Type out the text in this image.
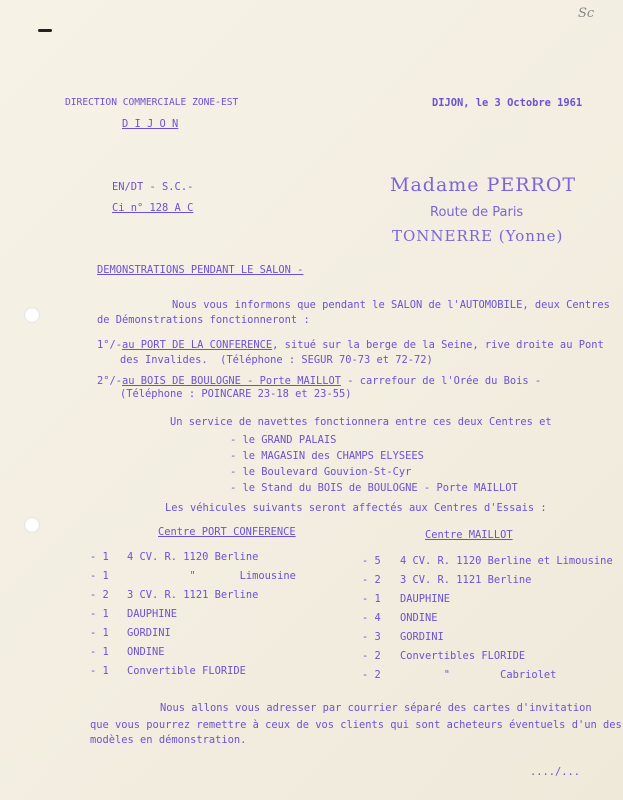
Sc
DIRECTION COMMERCIALE ZONE-EST
D I J O N
DIJON, le 3 Octobre 1961
EN/DT - S.C.-
Ci n° 128 A C
Madame PERROT
Route de Paris
TONNERRE (Yonne)
DEMONSTRATIONS PENDANT LE SALON -
Nous vous informons que pendant le SALON de l'AUTOMOBILE, deux Centres
de Démonstrations fonctionneront :
1°/-au PORT DE LA CONFERENCE, situé sur la berge de la Seine, rive droite au Pont
des Invalides.  (Téléphone : SEGUR 70-73 et 72-72)
2°/-au BOIS DE BOULOGNE - Porte MAILLOT - carrefour de l'Orée du Bois -
(Téléphone : POINCARE 23-18 et 23-55)
Un service de navettes fonctionnera entre ces deux Centres et
- le GRAND PALAIS
- le MAGASIN des CHAMPS ELYSEES
- le Boulevard Gouvion-St-Cyr
- le Stand du BOIS de BOULOGNE - Porte MAILLOT
Les véhicules suivants seront affectés aux Centres d'Essais :
Centre PORT CONFERENCE	Centre MAILLOT
- 1 4 CV. R. 1120 Berline
- 1 "       Limousine
- 2 3 CV. R. 1121 Berline
- 1 DAUPHINE
- 1 GORDINI
- 1 ONDINE
- 1 Convertible FLORIDE
- 5 4 CV. R. 1120 Berline et Limousine
- 2 3 CV. R. 1121 Berline
- 1 DAUPHINE
- 4 ONDINE
- 3 GORDINI
- 2 Convertibles FLORIDE
- 2 "        Cabriolet
Nous allons vous adresser par courrier séparé des cartes d'invitation
que vous pourrez remettre à ceux de vos clients qui sont acheteurs éventuels d'un des
modèles en démonstration.
..../...
